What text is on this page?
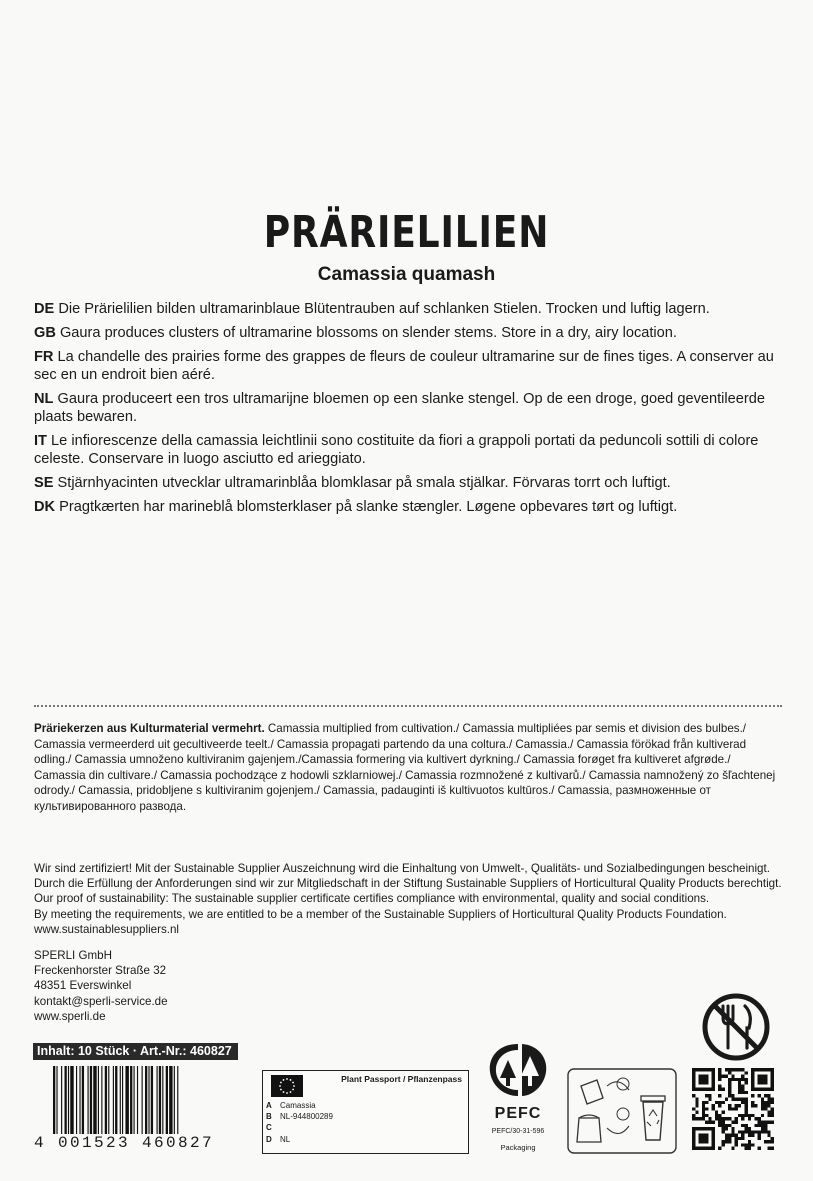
PRÄRIELILIEN
Camassia quamash

DE Die Prärielilien bilden ultramarinblaue Blütentrauben auf schlanken Stielen. Trocken und luftig lagern.

GB Gaura produces clusters of ultramarine blossoms on slender stems. Store in a dry, airy location.

FR La chandelle des prairies forme des grappes de fleurs de couleur ultramarine sur de fines tiges. A conserver au sec en un endroit bien aéré.

NL Gaura produceert een tros ultramarijne bloemen op een slanke stengel. Op de een droge, goed geventileerde plaats bewaren.

IT Le infiorescenze della camassia leichtlinii sono costituite da fiori a grappoli portati da peduncoli sottili di colore celeste. Conservare in luogo asciutto ed arieggiato.

SE Stjärnhyacinten utvecklar ultramarinblåa blomklasar på smala stjälkar. Förvaras torrt och luftigt.

DK Pragtkærten har marineblå blomsterklaser på slanke stængler. Løgene opbevares tørt og luftigt.

Präriekerzen aus Kulturmaterial vermehrt. Camassia multiplied from cultivation./ Camassia multipliées par semis et division des bulbes./ Camassia vermeerderd uit gecultiveerde teelt./ Camassia propagati partendo da una coltura./ Camassia./ Camassia förökad från kultiverad odling./ Camassia umnoženo kultiviranim gajenjem./Camassia formering via kultivert dyrkning./ Camassia forøget fra kultiveret afgrøde./ Camassia din cultivare./ Camassia pochodzące z hodowli szklarniowej./ Camassia rozmnožené z kultivarů./ Camassia namnožený zo šľachtenej odrody./ Camassia, pridobljene s kultiviranim gojenjem./ Camassia, padauginti iš kultivuotos kultūros./ Camassia, размноженные от культивированного развода.
Wir sind zertifiziert! Mit der Sustainable Supplier Auszeichnung wird die Einhaltung von Umwelt-, Qualitäts- und Sozialbedingungen bescheinigt.
Durch die Erfüllung der Anforderungen sind wir zur Mitgliedschaft in der Stiftung Sustainable Suppliers of Horticultural Quality Products berechtigt.
Our proof of sustainability: The sustainable supplier certificate certifies compliance with environmental, quality and social conditions.
By meeting the requirements, we are entitled to be a member of the Sustainable Suppliers of Horticultural Quality Products Foundation.
www.sustainablesuppliers.nl
SPERLI GmbH
Freckenhorster Straße 32
48351 Everswinkel
kontakt@sperli-service.de
www.sperli.de
Inhalt: 10 Stück · Art.-Nr.: 460827
4 001523 460827
Plant Passport / Pflanzenpass
A Camassia
B NL-944800289
C
D NL
PEFC
PEFC/30-31-596
Packaging
